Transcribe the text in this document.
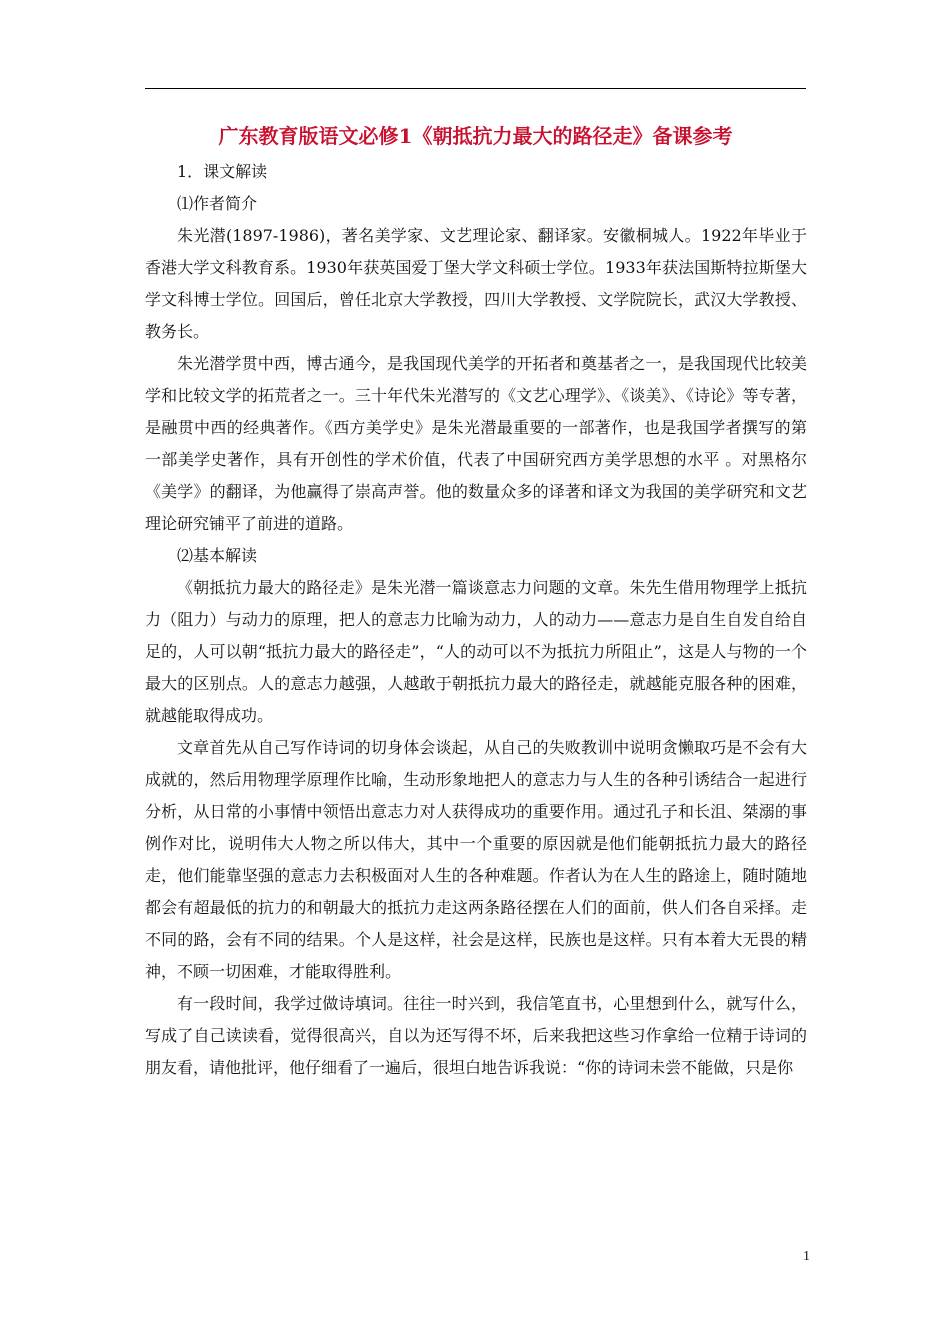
广东教育版语文必修1《朝抵抗力最大的路径走》备课参考

1．课文解读

⑴作者简介

朱光潜(1897-1986)，著名美学家、文艺理论家、翻译家。安徽桐城人。1922年毕业于香港大学文科教育系。1930年获英国爱丁堡大学文科硕士学位。1933年获法国斯特拉斯堡大学文科博士学位。回国后，曾任北京大学教授，四川大学教授、文学院院长，武汉大学教授、教务长。

朱光潜学贯中西，博古通今，是我国现代美学的开拓者和奠基者之一，是我国现代比较美学和比较文学的拓荒者之一。三十年代朱光潜写的《文艺心理学》、《谈美》、《诗论》等专著，是融贯中西的经典著作。《西方美学史》是朱光潜最重要的一部著作，也是我国学者撰写的第一部美学史著作，具有开创性的学术价值，代表了中国研究西方美学思想的水平 。对黑格尔《美学》的翻译，为他赢得了崇高声誉。他的数量众多的译著和译文为我国的美学研究和文艺理论研究铺平了前进的道路。

⑵基本解读

《朝抵抗力最大的路径走》是朱光潜一篇谈意志力问题的文章。朱先生借用物理学上抵抗力（阻力）与动力的原理，把人的意志力比喻为动力，人的动力——意志力是自生自发自给自足的，人可以朝“抵抗力最大的路径走”，“人的动可以不为抵抗力所阻止”，这是人与物的一个最大的区别点。人的意志力越强，人越敢于朝抵抗力最大的路径走，就越能克服各种的困难，就越能取得成功。

文章首先从自己写作诗词的切身体会谈起，从自己的失败教训中说明贪懒取巧是不会有大成就的，然后用物理学原理作比喻，生动形象地把人的意志力与人生的各种引诱结合一起进行分析，从日常的小事情中领悟出意志力对人获得成功的重要作用。通过孔子和长沮、桀溺的事例作对比，说明伟大人物之所以伟大，其中一个重要的原因就是他们能朝抵抗力最大的路径走，他们能靠坚强的意志力去积极面对人生的各种难题。作者认为在人生的路途上，随时随地都会有超最低的抗力的和朝最大的抵抗力走这两条路径摆在人们的面前，供人们各自采择。走不同的路，会有不同的结果。个人是这样，社会是这样，民族也是这样。只有本着大无畏的精神，不顾一切困难，才能取得胜利。

有一段时间，我学过做诗填词。往往一时兴到，我信笔直书，心里想到什么，就写什么，写成了自己读读看，觉得很高兴，自以为还写得不坏，后来我把这些习作拿给一位精于诗词的朋友看，请他批评，他仔细看了一遍后，很坦白地告诉我说：“你的诗词未尝不能做，只是你

1
